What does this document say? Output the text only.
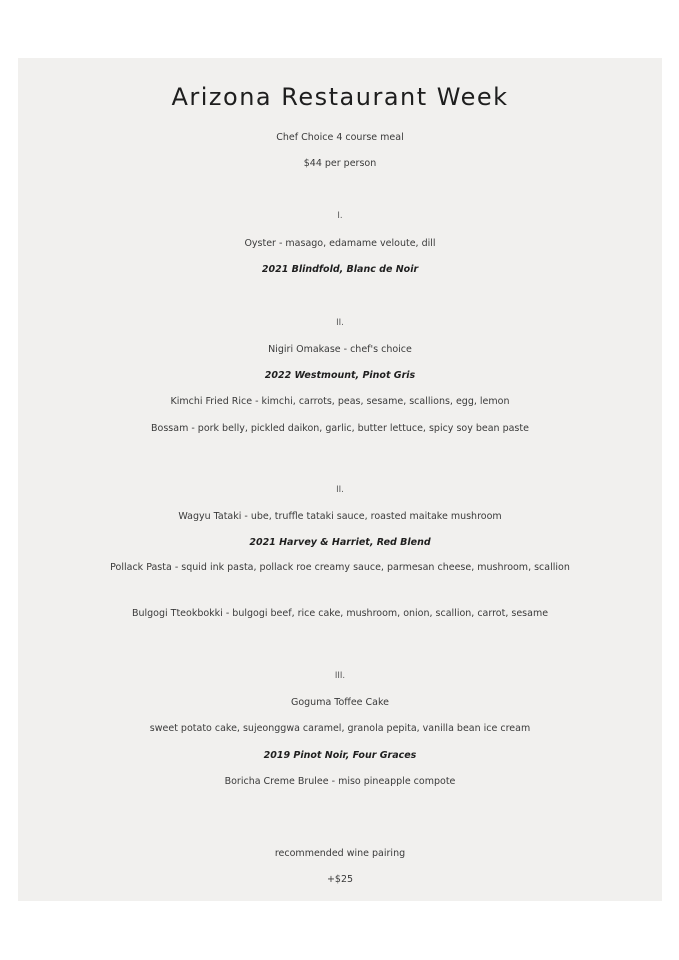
Arizona Restaurant Week
Chef Choice 4 course meal
$44 per person
I.
Oyster - masago, edamame veloute, dill
2021 Blindfold, Blanc de Noir
II.
Nigiri Omakase - chef's choice
2022 Westmount, Pinot Gris
Kimchi Fried Rice - kimchi, carrots, peas, sesame, scallions, egg, lemon
Bossam - pork belly, pickled daikon, garlic, butter lettuce, spicy soy bean paste
II.
Wagyu Tataki - ube, truffle tataki sauce, roasted maitake mushroom
2021 Harvey & Harriet, Red Blend
Pollack Pasta - squid ink pasta, pollack roe creamy sauce, parmesan cheese, mushroom, scallion
Bulgogi Tteokbokki - bulgogi beef, rice cake, mushroom, onion, scallion, carrot, sesame
III.
Goguma Toffee Cake
sweet potato cake, sujeonggwa caramel, granola pepita, vanilla bean ice cream
2019 Pinot Noir, Four Graces
Boricha Creme Brulee - miso pineapple compote
recommended wine pairing
+$25
